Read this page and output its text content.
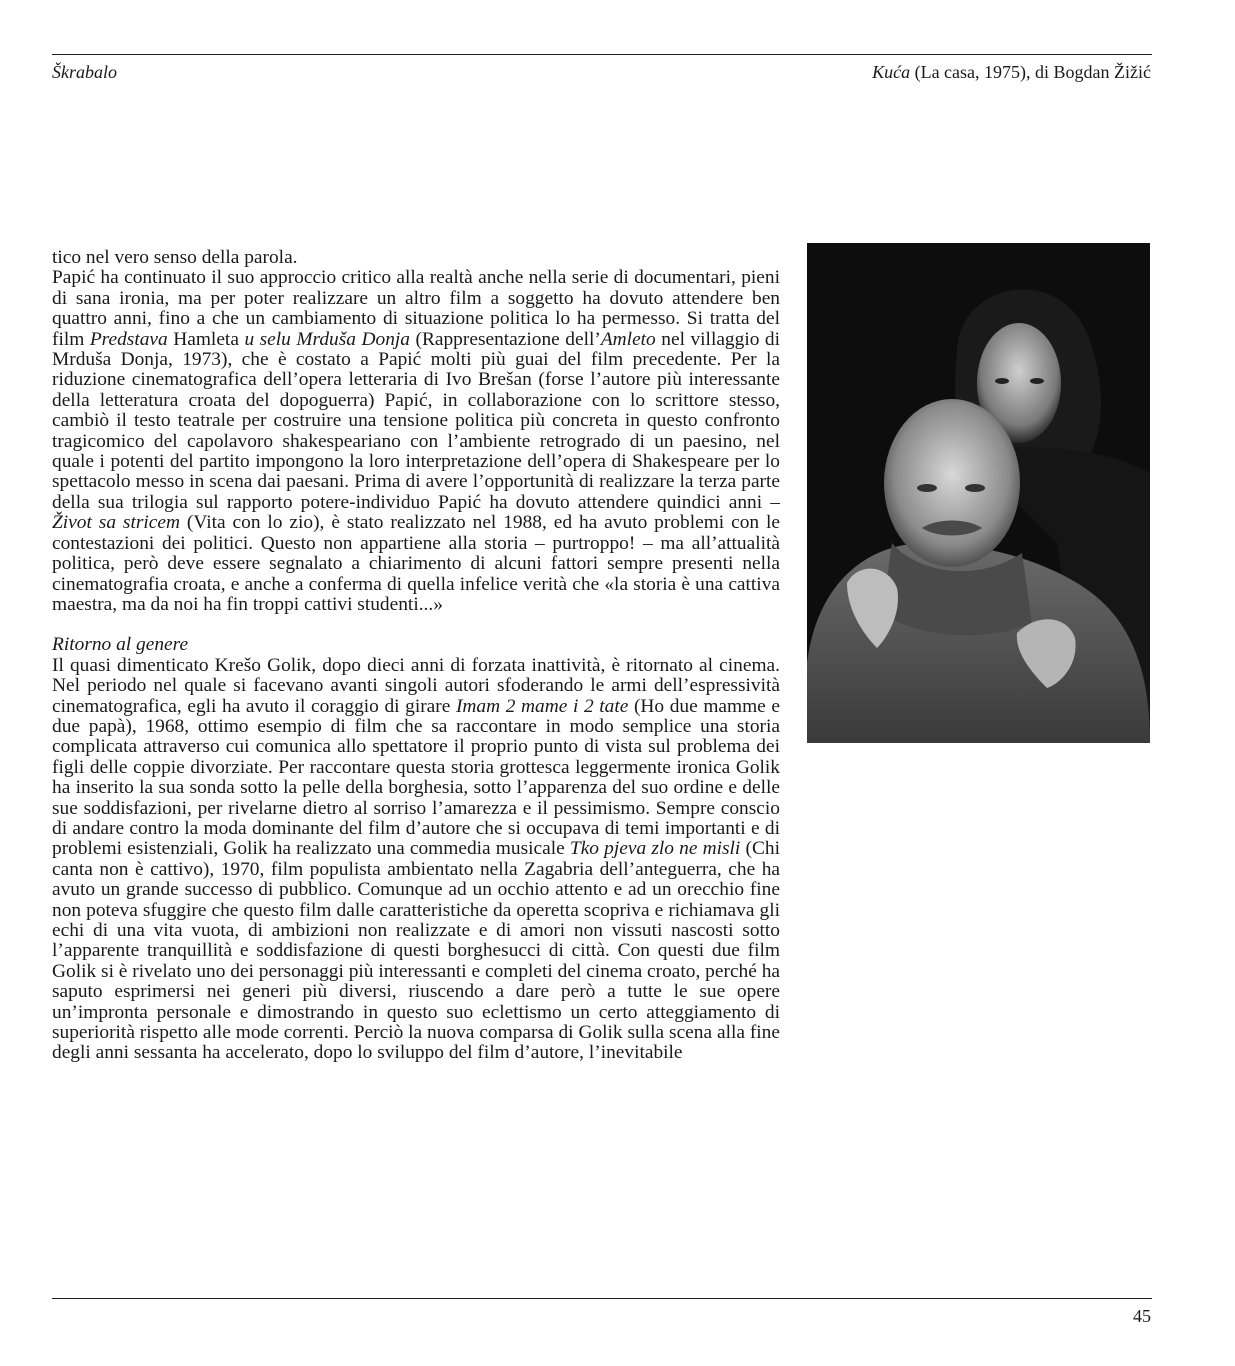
Škrabalo	Kuća (La casa, 1975), di Bogdan Žižić

tico nel vero senso della parola.

Papić ha continuato il suo approccio critico alla realtà anche nella serie di documentari, pieni di sana ironia, ma per poter realizzare un altro film a soggetto ha dovuto attendere ben quattro anni, fino a che un cambiamento di situazione politica lo ha permesso. Si tratta del film Predstava Hamleta u selu Mrduša Donja (Rappresentazione dell’Amleto nel villaggio di Mrduša Donja, 1973), che è costato a Papić molti più guai del film precedente. Per la riduzione cinematografica dell’opera letteraria di Ivo Brešan (forse l’autore più interessante della letteratura croata del dopoguerra) Papić, in collaborazione con lo scrittore stesso, cambiò il testo teatrale per costruire una tensione politica più concreta in questo confronto tragicomico del capolavoro shakespeariano con l’ambiente retrogrado di un paesino, nel quale i potenti del partito impongono la loro interpretazione dell’opera di Shakespeare per lo spettacolo messo in scena dai paesani. Prima di avere l’opportunità di realizzare la terza parte della sua trilogia sul rapporto potere-individuo Papić ha dovuto attendere quindici anni – Život sa stricem (Vita con lo zio), è stato realizzato nel 1988, ed ha avuto problemi con le contestazioni dei politici. Questo non appartiene alla storia – purtroppo! – ma all’attualità politica, però deve essere segnalato a chiarimento di alcuni fattori sempre presenti nella cinematografia croata, e anche a conferma di quella infelice verità che «la storia è una cattiva maestra, ma da noi ha fin troppi cattivi studenti...»

Ritorno al genere

Il quasi dimenticato Krešo Golik, dopo dieci anni di forzata inattività, è ritornato al cinema. Nel periodo nel quale si facevano avanti singoli autori sfoderando le armi dell’espressività cinematografica, egli ha avuto il coraggio di girare Imam 2 mame i 2 tate (Ho due mamme e due papà), 1968, ottimo esempio di film che sa raccontare in modo semplice una storia complicata attraverso cui comunica allo spettatore il proprio punto di vista sul problema dei figli delle coppie divorziate. Per raccontare questa storia grottesca leggermente ironica Golik ha inserito la sua sonda sotto la pelle della borghesia, sotto l’apparenza del suo ordine e delle sue soddisfazioni, per rivelarne dietro al sorriso l’amarezza e il pessimismo. Sempre conscio di andare contro la moda dominante del film d’autore che si occupava di temi importanti e di problemi esistenziali, Golik ha realizzato una commedia musicale Tko pjeva zlo ne misli (Chi canta non è cattivo), 1970, film populista ambientato nella Zagabria dell’anteguerra, che ha avuto un grande successo di pubblico. Comunque ad un occhio attento e ad un orecchio fine non poteva sfuggire che questo film dalle caratteristiche da operetta scopriva e richiamava gli echi di una vita vuota, di ambizioni non realizzate e di amori non vissuti nascosti sotto l’apparente tranquillità e soddisfazione di questi borghesucci di città. Con questi due film Golik si è rivelato uno dei personaggi più interessanti e completi del cinema croato, perché ha saputo esprimersi nei generi più diversi, riuscendo a dare però a tutte le sue opere un’impronta personale e dimostrando in questo suo eclettismo un certo atteggiamento di superiorità rispetto alle mode correnti. Perciò la nuova comparsa di Golik sulla scena alla fine degli anni sessanta ha accelerato, dopo lo sviluppo del film d’autore, l’inevitabile

45
